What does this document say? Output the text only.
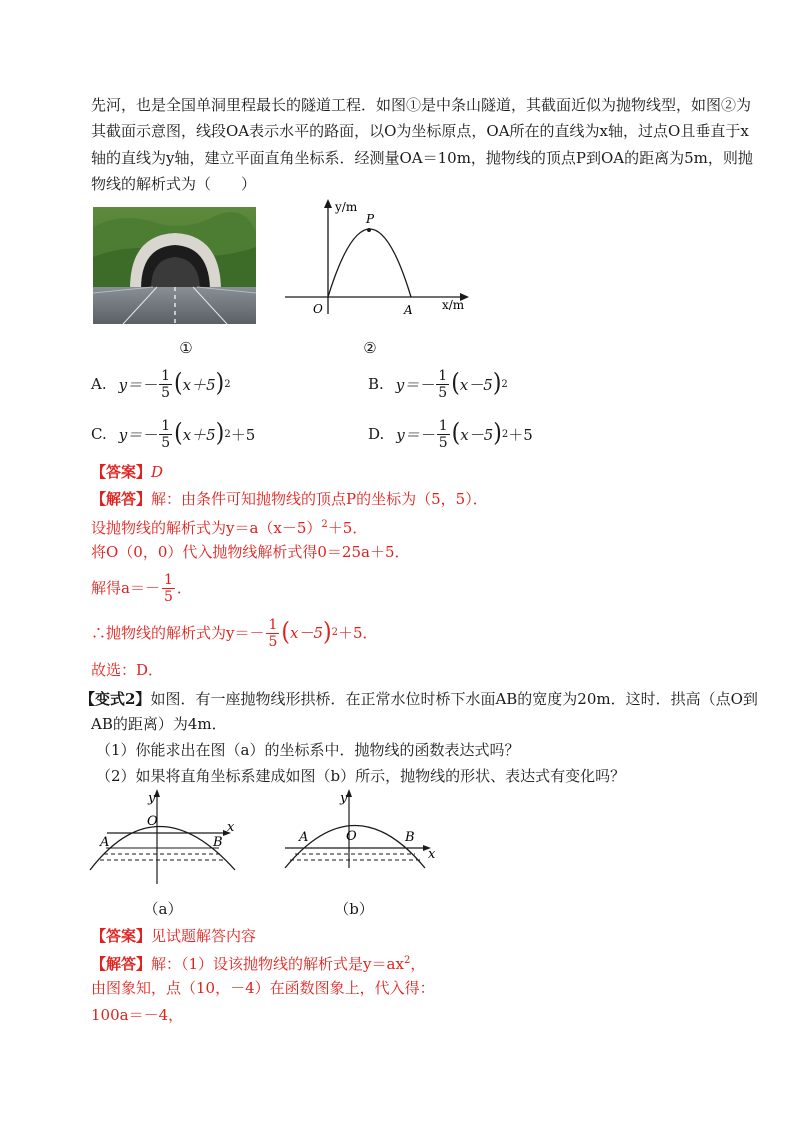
先河，也是全国单洞里程最长的隧道工程．如图①是中条山隧道，其截面近似为抛物线型，如图②为
其截面示意图，线段OA表示水平的路面，以O为坐标原点，OA所在的直线为x轴，过点O且垂直于x
轴的直线为y轴，建立平面直角坐标系．经测量OA＝10m，抛物线的顶点P到OA的距离为5m，则抛
物线的解析式为（　　）
①
P
y/m
x/m
O	A
②
A. $y=- \frac{1}{5}$ ( x＋5 ) 2	B. $y=- \frac{1}{5}$ ( x－5 ) 2
C. $y=- \frac{1}{5}$ ( x＋5 ) 2 ＋5	D. $y=- \frac{1}{5}$ ( x－5 ) 2 ＋5
【答案】D
【解答】解：由条件可知抛物线的顶点P的坐标为（5，5）．
设抛物线的解析式为$y=a(x-5)^2+5$．
将O（0，0）代入抛物线解析式得0＝25a＋5．
解得$a=- \frac{1}{5}$ ．
∴抛物线的解析式为$y=- \frac{1}{5}$ ( x－5 ) 2 ＋5．
故选：D．
【变式2】如图．有一座抛物线形拱桥．在正常水位时桥下水面AB的宽度为20m．这时．拱高（点O到
AB的距离）为4m．
（1）你能求出在图（a）的坐标系中．抛物线的函数表达式吗？
（2）如果将直角坐标系建成如图（b）所示，抛物线的形状、表达式有变化吗？
y
x
O
A	B
（a）
y
x
O
A	B
（b）
【答案】见试题解答内容
【解答】解：（1）设该抛物线的解析式是$y=ax^2$，
由图象知，点（10，－4）在函数图象上，代入得：
100a＝－4，
